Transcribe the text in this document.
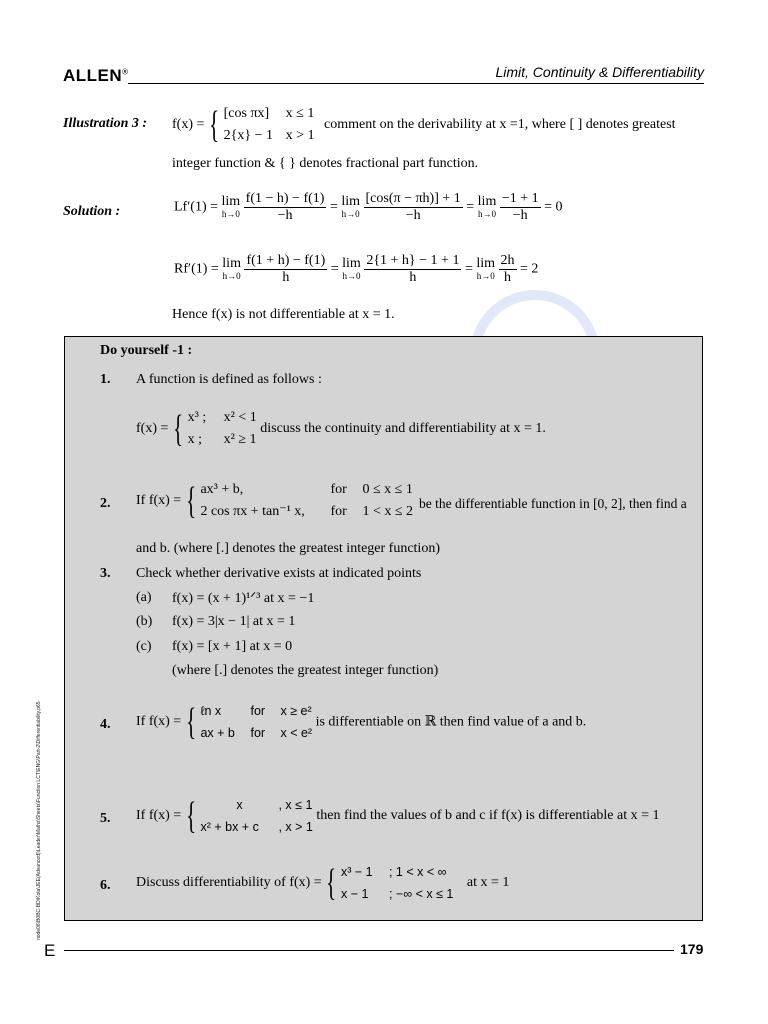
ALLEN®	Limit, Continuity & Differentiability
Illustration 3 : f(x) = { [cos πx] x ≤ 1
2{x} − 1 x > 1
comment on the derivability at x =1, where [ ] denotes greatest
integer function & { } denotes fractional part function.
Solution :	Lf′(1) = lim
h→0
$\frac{f(1 - h) - f(1)}{-h} = \lim$
h→0
$\frac{[\cos(\pi - \pi h)] + 1}{-h} = \lim$
h→0
$\frac{-1 + 1}{-h} = 0$
Rf′(1) = lim
h→0
$\frac{f(1 + h) - f(1)}{h} = \lim$
h→0
$\frac{2\{1 + h\} - 1 + 1}{h} = \lim$
h→0
$\frac{2h}{h} = 2$
Hence f(x) is not differentiable at x = 1.
Do yourself -1 :
1. A function is defined as follows :
f(x) = { x³ ; x² < 1
x ; x² ≥ 1
discuss the continuity and differentiability at x = 1.
2. If f(x) = { ax³ + b,	for 0 ≤ x ≤ 1
2 cos πx + tan⁻¹ x, for 1 < x ≤ 2
be the differentiable function in [0, 2], then find a
and b. (where [.] denotes the greatest integer function)
3. Check whether derivative exists at indicated points
(a) f(x) = (x + 1)¹ᐟ³ at x = −1
(b) f(x) = 3|x − 1| at x = 1
(c) f(x) = [x + 1] at x = 0
(where [.] denotes the greatest integer function)
4. If f(x) = { ℓn x for x ≥ e²
ax + b for x < e²
is differentiable on ℝ then find value of a and b.
5. If f(x) = {	x	, x ≤ 1
x² + bx + c , x > 1
then find the values of b and c if f(x) is differentiable at x = 1
6. Discuss differentiability of f(x) = { x³ − 1 ; 1 < x < ∞
x − 1 ; −∞ < x ≤ 1
at x = 1
node06\B0BC-BD\Kota\JEE(Advanced)\Leader\Maths\Sheets\Function LCT\ENG\Part-2\Differentiability.p65
E	179
